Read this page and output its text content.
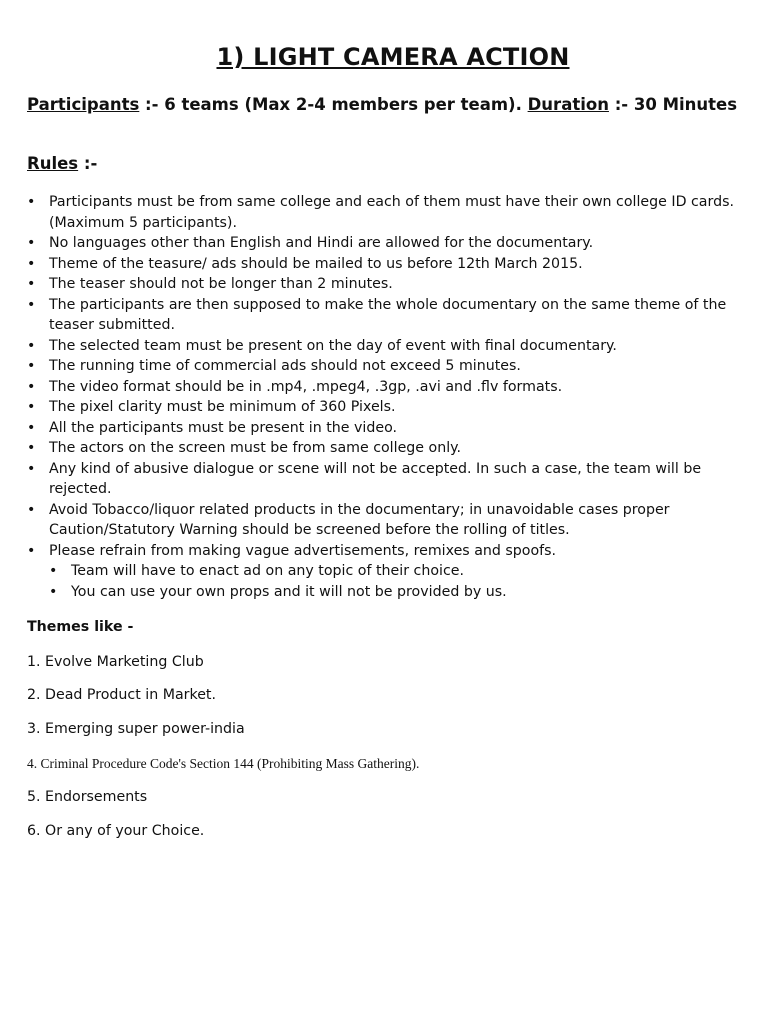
1) LIGHT CAMERA ACTION
Participants :- 6 teams (Max 2-4 members per team). Duration :- 30 Minutes
Rules :-
• Participants must be from same college and each of them must have their own college ID cards. (Maximum 5 participants).
• No languages other than English and Hindi are allowed for the documentary.
• Theme of the teasure/ ads should be mailed to us before 12th March 2015.
• The teaser should not be longer than 2 minutes.
• The participants are then supposed to make the whole documentary on the same theme of the teaser submitted.
• The selected team must be present on the day of event with final documentary.
• The running time of commercial ads should not exceed 5 minutes.
• The video format should be in .mp4, .mpeg4, .3gp, .avi and .flv formats.
• The pixel clarity must be minimum of 360 Pixels.
• All the participants must be present in the video.
• The actors on the screen must be from same college only.
• Any kind of abusive dialogue or scene will not be accepted. In such a case, the team will be rejected.
• Avoid Tobacco/liquor related products in the documentary; in unavoidable cases proper Caution/Statutory Warning should be screened before the rolling of titles.
• Please refrain from making vague advertisements, remixes and spoofs.
• Team will have to enact ad on any topic of their choice.
• You can use your own props and it will not be provided by us.
Themes like -
1. Evolve Marketing Club
2. Dead Product in Market.
3. Emerging super power-india
4. Criminal Procedure Code's Section 144 (Prohibiting Mass Gathering).
5. Endorsements
6. Or any of your Choice.
